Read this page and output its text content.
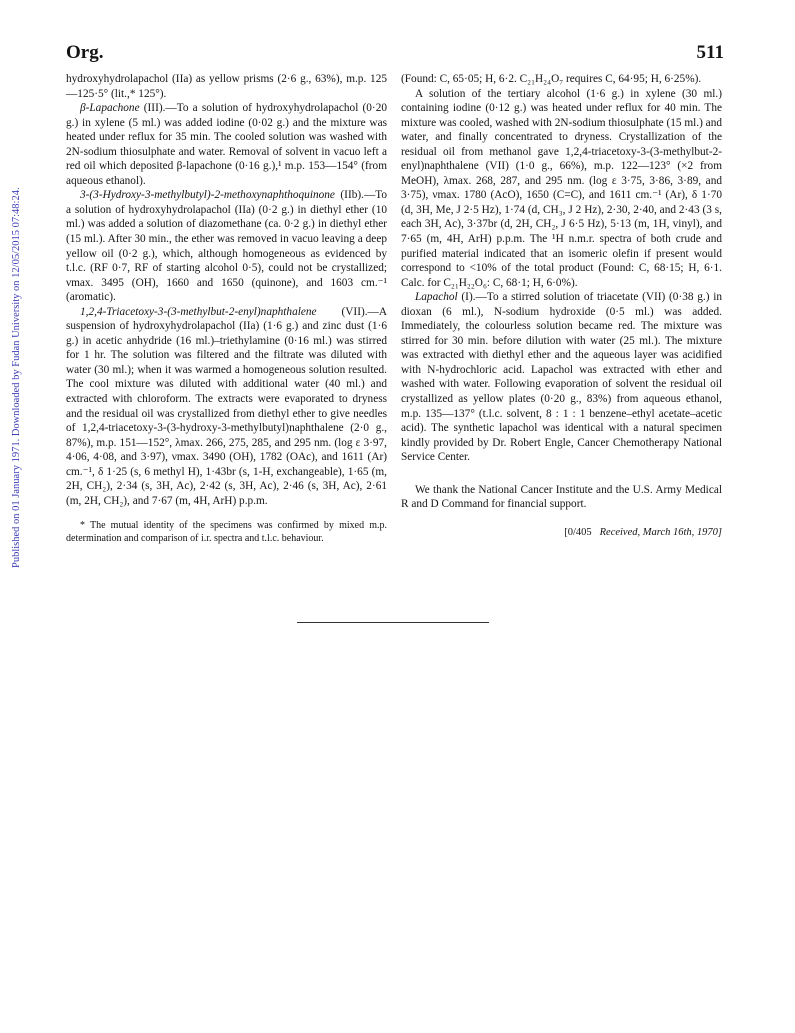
Org.	511
Published on 01 January 1971. Downloaded by Fudan University on 12/05/2015 07:48:24.

hydroxyhydrolapachol (IIa) as yellow prisms (2·6 g., 63%), m.p. 125—125·5° (lit.,* 125°).

β-Lapachone (III).—To a solution of hydroxyhydrolapachol (0·20 g.) in xylene (5 ml.) was added iodine (0·02 g.) and the mixture was heated under reflux for 35 min. The cooled solution was washed with 2N-sodium thiosulphate and water. Removal of solvent in vacuo left a red oil which deposited β-lapachone (0·16 g.),¹ m.p. 153—154° (from aqueous ethanol).

3-(3-Hydroxy-3-methylbutyl)-2-methoxynaphthoquinone (IIb).—To a solution of hydroxyhydrolapachol (IIa) (0·2 g.) in diethyl ether (10 ml.) was added a solution of diazomethane (ca. 0·2 g.) in diethyl ether (15 ml.). After 30 min., the ether was removed in vacuo leaving a deep yellow oil (0·2 g.), which, although homogeneous as evidenced by t.l.c. (RF 0·7, RF of starting alcohol 0·5), could not be crystallized; νmax. 3495 (OH), 1660 and 1650 (quinone), and 1603 cm.⁻¹ (aromatic).

1,2,4-Triacetoxy-3-(3-methylbut-2-enyl)naphthalene (VII).—A suspension of hydroxyhydrolapachol (IIa) (1·6 g.) and zinc dust (1·6 g.) in acetic anhydride (16 ml.)–triethylamine (0·16 ml.) was stirred for 1 hr. The solution was filtered and the filtrate was diluted with water (30 ml.); when it was warmed a homogeneous solution resulted. The cool mixture was diluted with additional water (40 ml.) and extracted with chloroform. The extracts were evaporated to dryness and the residual oil was crystallized from diethyl ether to give needles of 1,2,4-triacetoxy-3-(3-hydroxy-3-methylbutyl)naphthalene (2·0 g., 87%), m.p. 151—152°, λmax. 266, 275, 285, and 295 nm. (log ε 3·97, 4·06, 4·08, and 3·97), νmax. 3490 (OH), 1782 (OAc), and 1611 (Ar) cm.⁻¹, δ 1·25 (s, 6 methyl H), 1·43br (s, 1-H, exchangeable), 1·65 (m, 2H, CH₂), 2·34 (s, 3H, Ac), 2·42 (s, 3H, Ac), 2·46 (s, 3H, Ac), 2·61 (m, 2H, CH₂), and 7·67 (m, 4H, ArH) p.p.m.

* The mutual identity of the specimens was confirmed by mixed m.p. determination and comparison of i.r. spectra and t.l.c. behaviour.

(Found: C, 65·05; H, 6·2. C₂₁H₂₄O₇ requires C, 64·95; H, 6·25%).

A solution of the tertiary alcohol (1·6 g.) in xylene (30 ml.) containing iodine (0·12 g.) was heated under reflux for 40 min. The mixture was cooled, washed with 2N-sodium thiosulphate (15 ml.) and water, and finally concentrated to dryness. Crystallization of the residual oil from methanol gave 1,2,4-triacetoxy-3-(3-methylbut-2-enyl)naphthalene (VII) (1·0 g., 66%), m.p. 122—123° (×2 from MeOH), λmax. 268, 287, and 295 nm. (log ε 3·75, 3·86, 3·89, and 3·75), νmax. 1780 (AcO), 1650 (C=C), and 1611 cm.⁻¹ (Ar), δ 1·70 (d, 3H, Me, J 2·5 Hz), 1·74 (d, CH₃, J 2 Hz), 2·30, 2·40, and 2·43 (3 s, each 3H, Ac), 3·37br (d, 2H, CH₂, J 6·5 Hz), 5·13 (m, 1H, vinyl), and 7·65 (m, 4H, ArH) p.p.m. The ¹H n.m.r. spectra of both crude and purified material indicated that an isomeric olefin if present would correspond to <10% of the total product (Found: C, 68·15; H, 6·1. Calc. for C₂₁H₂₂O₆: C, 68·1; H, 6·0%).

Lapachol (I).—To a stirred solution of triacetate (VII) (0·38 g.) in dioxan (6 ml.), N-sodium hydroxide (0·5 ml.) was added. Immediately, the colourless solution became red. The mixture was stirred for 30 min. before dilution with water (25 ml.). The mixture was extracted with diethyl ether and the aqueous layer was acidified with N-hydrochloric acid. Lapachol was extracted with ether and washed with water. Following evaporation of solvent the residual oil crystallized as yellow plates (0·20 g., 83%) from aqueous ethanol, m.p. 135—137° (t.l.c. solvent, 8 : 1 : 1 benzene–ethyl acetate–acetic acid). The synthetic lapachol was identical with a natural specimen kindly provided by Dr. Robert Engle, Cancer Chemotherapy National Service Center.

We thank the National Cancer Institute and the U.S. Army Medical R and D Command for financial support.

[0/405 Received, March 16th, 1970]
